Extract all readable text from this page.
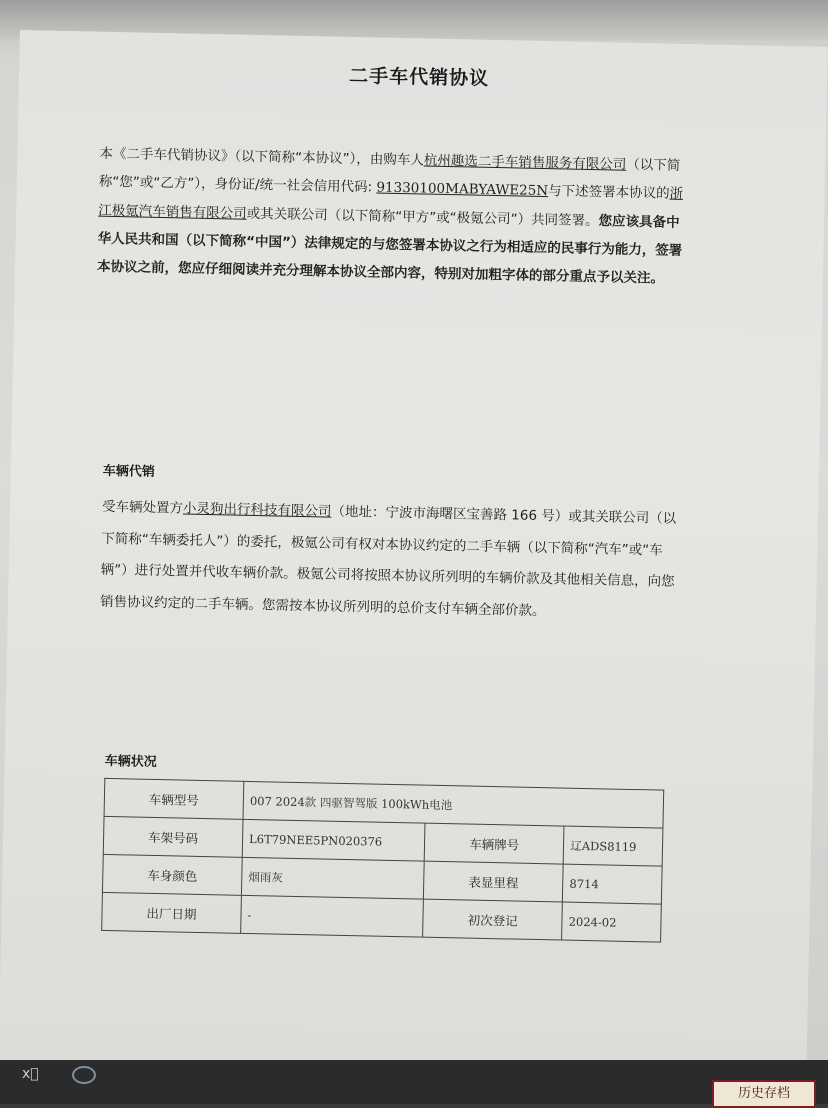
二手车代销协议
本《二手车代销协议》（以下简称“本协议”），由购车人杭州趣选二手车销售服务有限公司（以下简称“您”或“乙方”），身份证/统一社会信用代码: 91330100MABYAWE25N与下述签署本协议的浙江极氪汽车销售有限公司或其关联公司（以下简称“甲方”或“极氪公司”）共同签署。您应该具备中华人民共和国（以下简称“中国”）法律规定的与您签署本协议之行为相适应的民事行为能力，签署本协议之前，您应仔细阅读并充分理解本协议全部内容，特别对加粗字体的部分重点予以关注。
车辆代销
受车辆处置方小灵狗出行科技有限公司（地址：宁波市海曙区宝善路 166 号）或其关联公司（以下简称“车辆委托人”）的委托，极氪公司有权对本协议约定的二手车辆（以下简称“汽车”或“车辆”）进行处置并代收车辆价款。极氪公司将按照本协议所列明的车辆价款及其他相关信息，向您销售协议约定的二手车辆。您需按本协议所列明的总价支付车辆全部价款。
车辆状况
车辆型号	007 2024款 四驱智驾版 100kWh电池		
车架号码	L6T79NEE5PN020376	车辆牌号	辽ADS8119
车身颜色	烟雨灰	表显里程	8714
出厂日期	-	初次登记	2024-02
x⃞
历史存档
